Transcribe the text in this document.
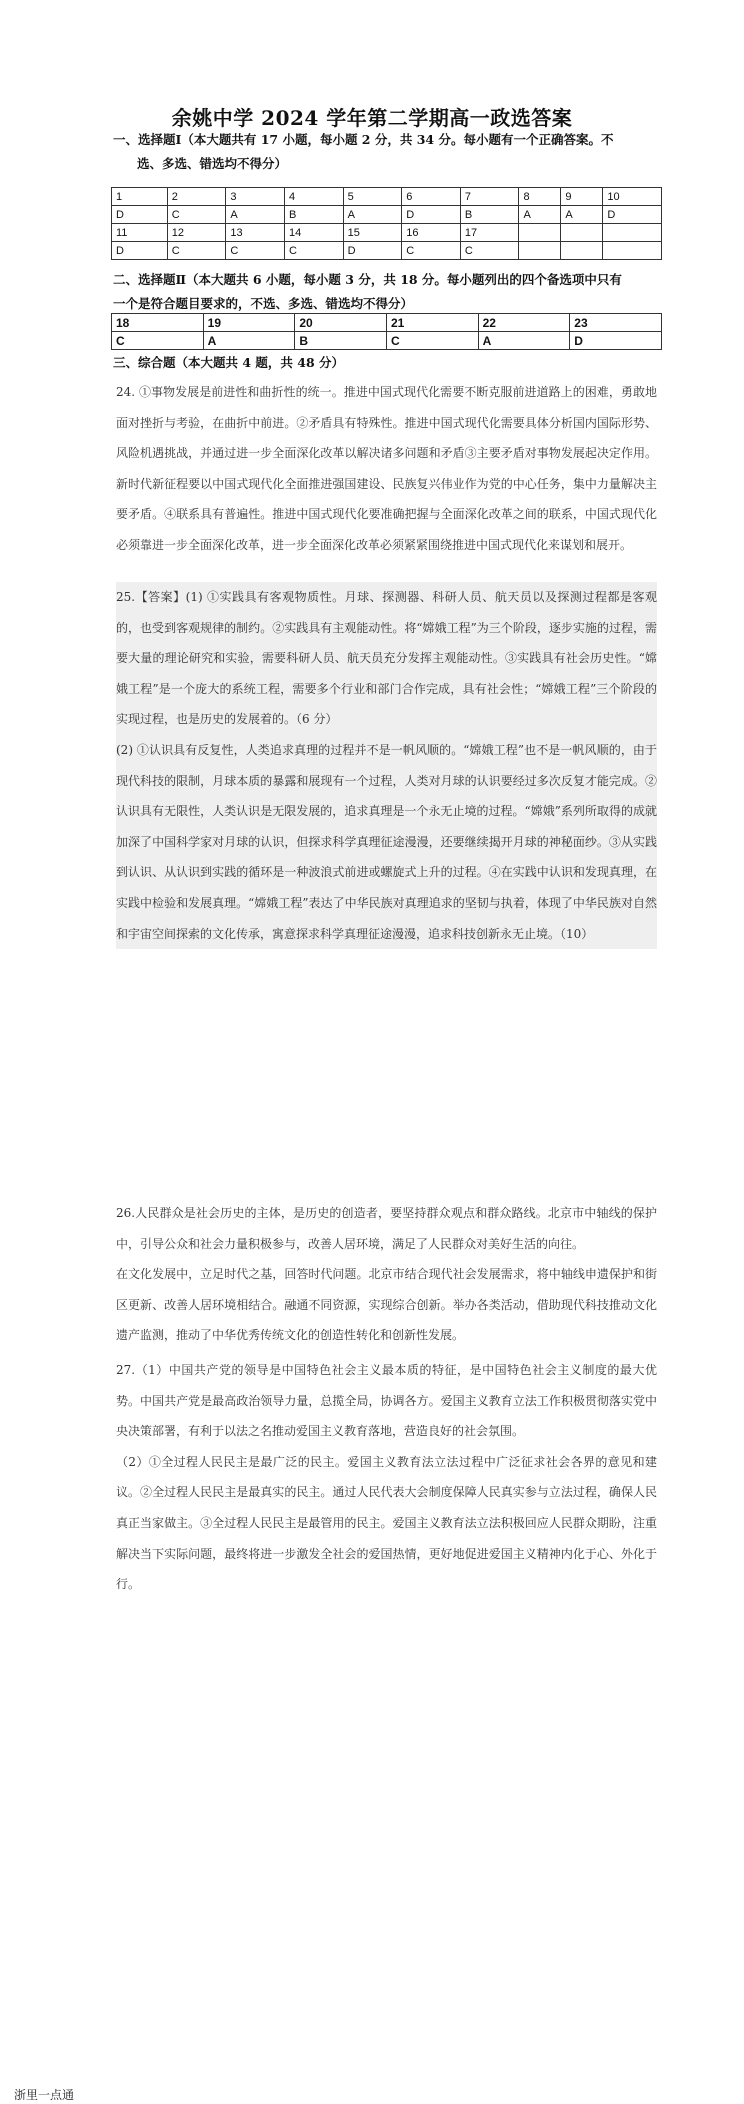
余姚中学 2024 学年第二学期高一政选答案
一、选择题Ⅰ（本大题共有 17 小题，每小题 2 分，共 34 分。每小题有一个正确答案。不
选、多选、错选均不得分）
1	2	3	4	5	6	7	8	9	10
D	C	A	B	A	D	B	A	A	D
11	12	13	14	15	16	17			
D	C	C	C	D	C	C			
二、选择题Ⅱ（本大题共 6 小题，每小题 3 分，共 18 分。每小题列出的四个备选项中只有
一个是符合题目要求的，不选、多选、错选均不得分）
18	19	20	21	22	23
C	A	B	C	A	D
三、综合题（本大题共 4 题，共 48 分）

24. ①事物发展是前进性和曲折性的统一。推进中国式现代化需要不断克服前进道路上的困难，勇敢地面对挫折与考验，在曲折中前进。②矛盾具有特殊性。推进中国式现代化需要具体分析国内国际形势、风险机遇挑战，并通过进一步全面深化改革以解决诸多问题和矛盾③主要矛盾对事物发展起决定作用。新时代新征程要以中国式现代化全面推进强国建设、民族复兴伟业作为党的中心任务，集中力量解决主要矛盾。④联系具有普遍性。推进中国式现代化要准确把握与全面深化改革之间的联系，中国式现代化必须靠进一步全面深化改革，进一步全面深化改革必须紧紧围绕推进中国式现代化来谋划和展开。

25.【答案】(1) ①实践具有客观物质性。月球、探测器、科研人员、航天员以及探测过程都是客观的，也受到客观规律的制约。②实践具有主观能动性。将“嫦娥工程”为三个阶段，逐步实施的过程，需要大量的理论研究和实验，需要科研人员、航天员充分发挥主观能动性。③实践具有社会历史性。“嫦娥工程”是一个庞大的系统工程，需要多个行业和部门合作完成，具有社会性；“嫦娥工程”三个阶段的实现过程，也是历史的发展着的。（6 分）

(2) ①认识具有反复性，人类追求真理的过程并不是一帆风顺的。“嫦娥工程”也不是一帆风顺的，由于现代科技的限制，月球本质的暴露和展现有一个过程，人类对月球的认识要经过多次反复才能完成。②认识具有无限性，人类认识是无限发展的，追求真理是一个永无止境的过程。“嫦娥”系列所取得的成就加深了中国科学家对月球的认识，但探求科学真理征途漫漫，还要继续揭开月球的神秘面纱。③从实践到认识、从认识到实践的循环是一种波浪式前进或螺旋式上升的过程。④在实践中认识和发现真理，在实践中检验和发展真理。“嫦娥工程”表达了中华民族对真理追求的坚韧与执着，体现了中华民族对自然和宇宙空间探索的文化传承，寓意探求科学真理征途漫漫，追求科技创新永无止境。（10）

26.人民群众是社会历史的主体，是历史的创造者，要坚持群众观点和群众路线。北京市中轴线的保护中，引导公众和社会力量积极参与，改善人居环境，满足了人民群众对美好生活的向往。

在文化发展中，立足时代之基，回答时代问题。北京市结合现代社会发展需求，将中轴线申遗保护和街区更新、改善人居环境相结合。融通不同资源，实现综合创新。举办各类活动，借助现代科技推动文化遗产监测，推动了中华优秀传统文化的创造性转化和创新性发展。

27.（1）中国共产党的领导是中国特色社会主义最本质的特征，是中国特色社会主义制度的最大优势。中国共产党是最高政治领导力量，总揽全局，协调各方。爱国主义教育立法工作积极贯彻落实党中央决策部署，有利于以法之名推动爱国主义教育落地，营造良好的社会氛围。

（2）①全过程人民民主是最广泛的民主。爱国主义教育法立法过程中广泛征求社会各界的意见和建议。②全过程人民民主是最真实的民主。通过人民代表大会制度保障人民真实参与立法过程，确保人民真正当家做主。③全过程人民民主是最管用的民主。爱国主义教育法立法积极回应人民群众期盼，注重解决当下实际问题，最终将进一步激发全社会的爱国热情，更好地促进爱国主义精神内化于心、外化于行。

浙里一点通
